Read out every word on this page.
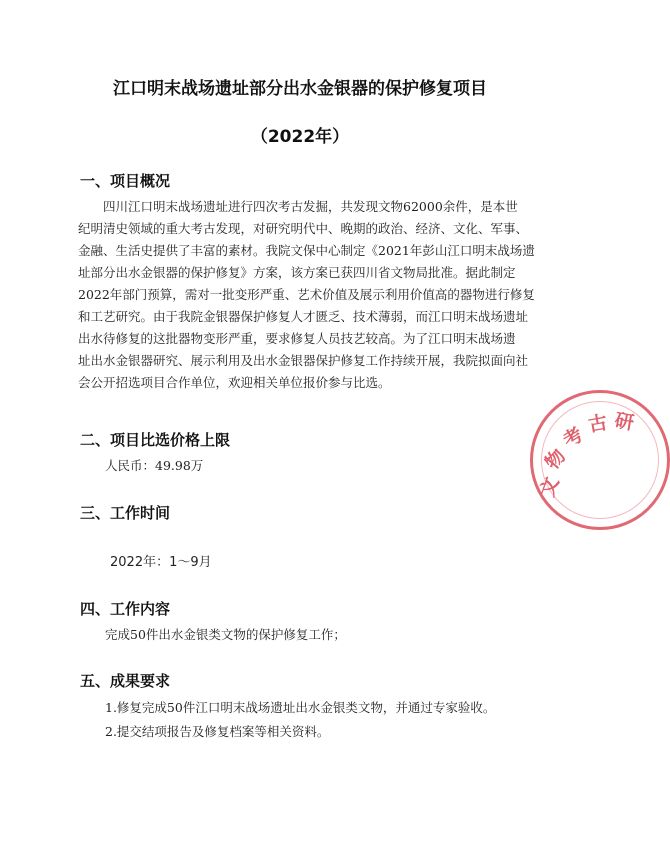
江口明末战场遗址部分出水金银器的保护修复项目
（2022年）
一、项目概况
四川江口明末战场遗址进行四次考古发掘，共发现文物62000余件，是本世
纪明清史领域的重大考古发现，对研究明代中、晚期的政治、经济、文化、军事、
金融、生活史提供了丰富的素材。我院文保中心制定《2021年彭山江口明末战场遗
址部分出水金银器的保护修复》方案，该方案已获四川省文物局批准。据此制定
2022年部门预算，需对一批变形严重、艺术价值及展示利用价值高的器物进行修复
和工艺研究。由于我院金银器保护修复人才匮乏、技术薄弱，而江口明末战场遗址
出水待修复的这批器物变形严重，要求修复人员技艺较高。为了江口明末战场遗
址出水金银器研究、展示利用及出水金银器保护修复工作持续开展，我院拟面向社
会公开招选项目合作单位，欢迎相关单位报价参与比选。
二、项目比选价格上限
人民币：49.98万
三、工作时间
2022年：1～9月
四、工作内容
完成50件出水金银类文物的保护修复工作；
五、成果要求
1.修复完成50件江口明末战场遗址出水金银类文物，并通过专家验收。
2.提交结项报告及修复档案等相关资料。
文
物
考 古 研
